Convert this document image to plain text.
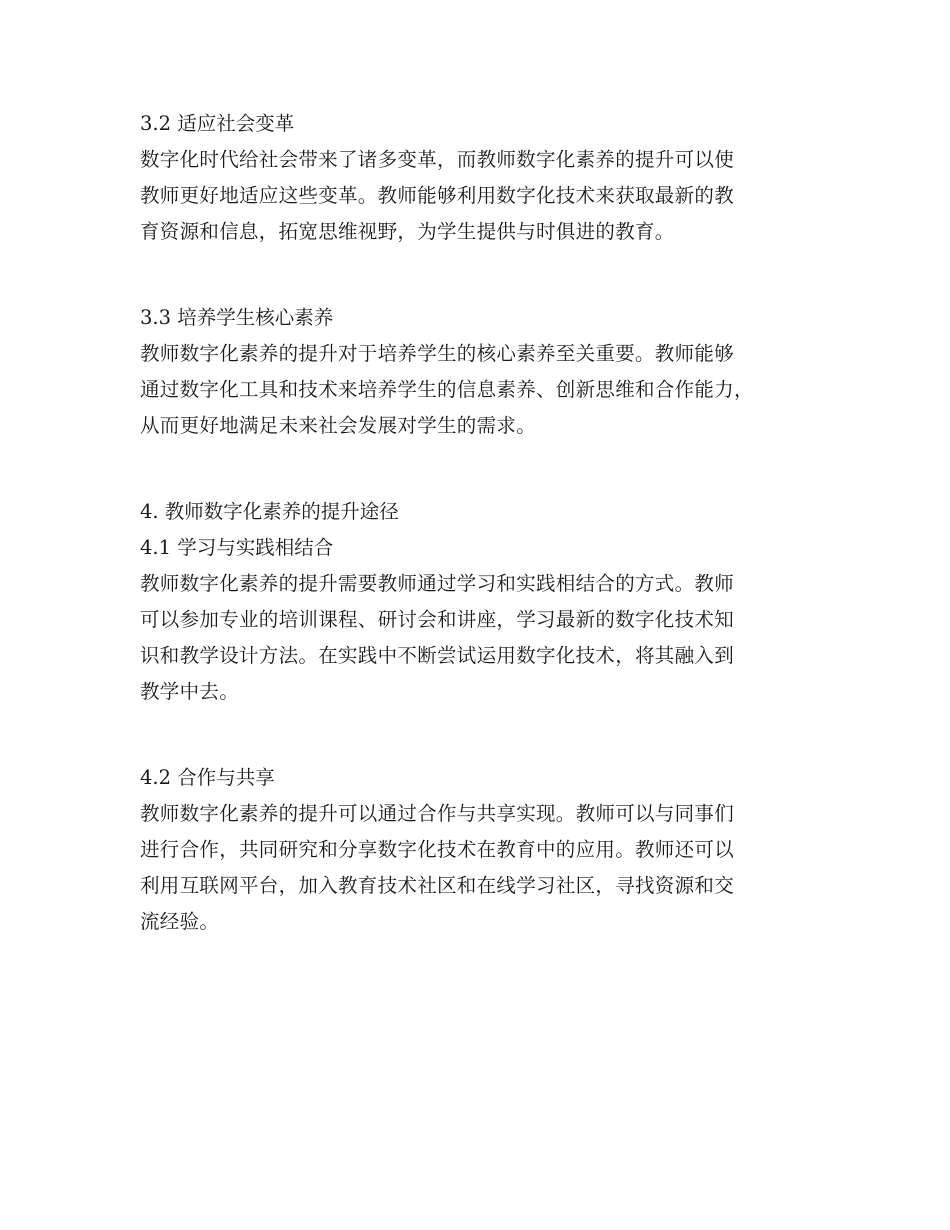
3.2 适应社会变革
数字化时代给社会带来了诸多变革，而教师数字化素养的提升可以使
教师更好地适应这些变革。教师能够利用数字化技术来获取最新的教
育资源和信息，拓宽思维视野，为学生提供与时俱进的教育。
3.3 培养学生核心素养
教师数字化素养的提升对于培养学生的核心素养至关重要。教师能够
通过数字化工具和技术来培养学生的信息素养、创新思维和合作能力，
从而更好地满足未来社会发展对学生的需求。
4. 教师数字化素养的提升途径
4.1 学习与实践相结合
教师数字化素养的提升需要教师通过学习和实践相结合的方式。教师
可以参加专业的培训课程、研讨会和讲座，学习最新的数字化技术知
识和教学设计方法。在实践中不断尝试运用数字化技术，将其融入到
教学中去。
4.2 合作与共享
教师数字化素养的提升可以通过合作与共享实现。教师可以与同事们
进行合作，共同研究和分享数字化技术在教育中的应用。教师还可以
利用互联网平台，加入教育技术社区和在线学习社区，寻找资源和交
流经验。
